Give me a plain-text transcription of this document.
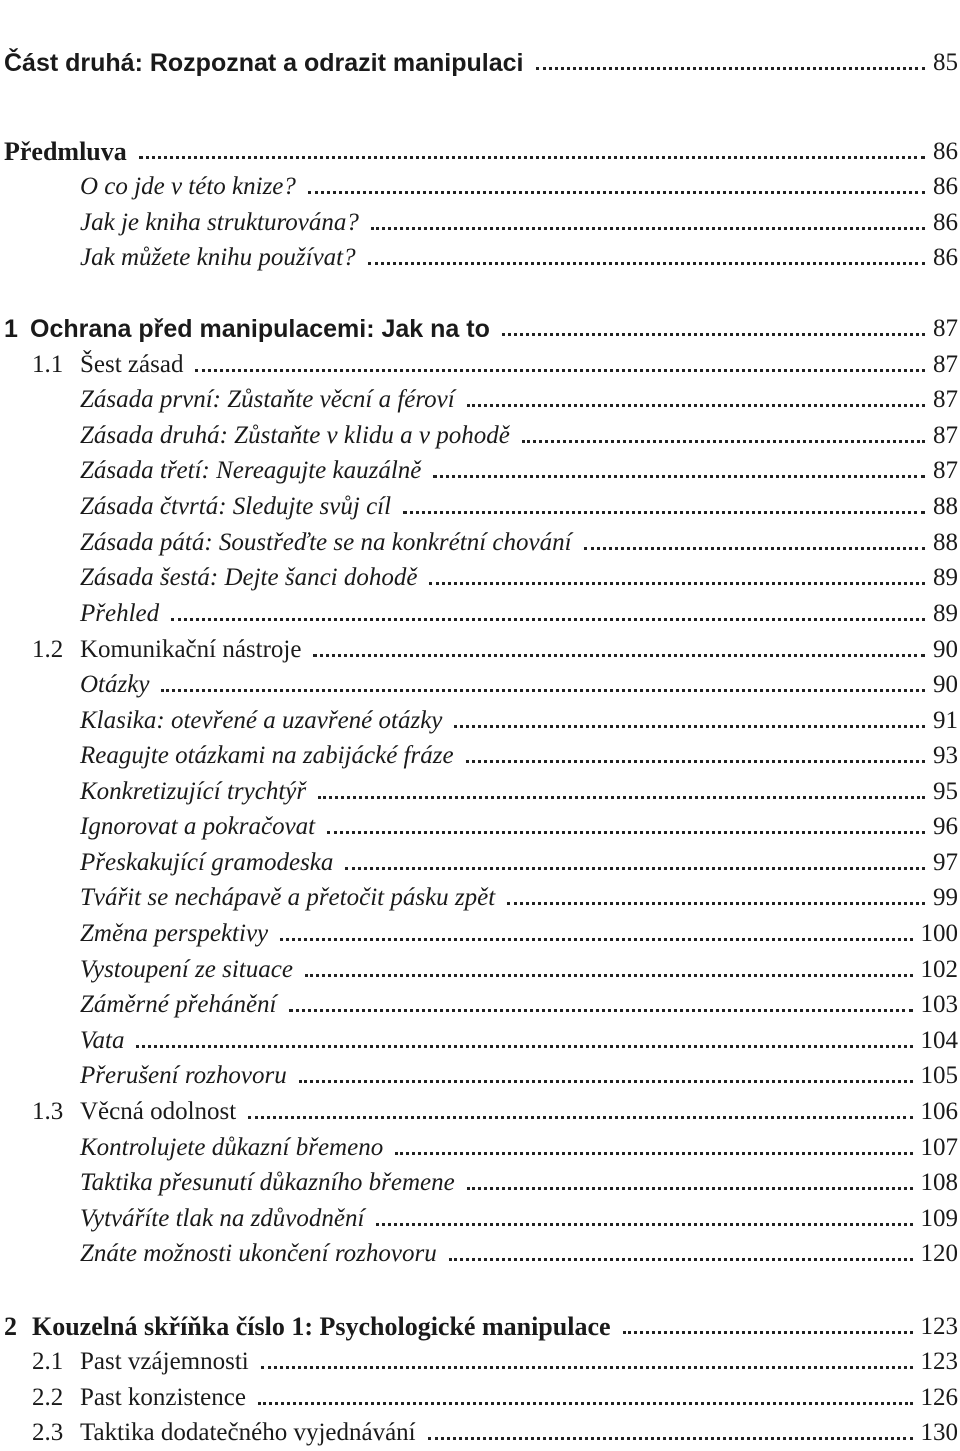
Část druhá: Rozpoznat a odrazit manipulaci	85
Předmluva	86
O co jde v této knize?	86
Jak je kniha strukturována?	86
Jak můžete knihu používat?	86
1 Ochrana před manipulacemi: Jak na to	87
1.1 Šest zásad	87
Zásada první: Zůstaňte věcní a féroví	87
Zásada druhá: Zůstaňte v klidu a v pohodě	87
Zásada třetí: Nereagujte kauzálně	87
Zásada čtvrtá: Sledujte svůj cíl	88
Zásada pátá: Soustřeďte se na konkrétní chování	88
Zásada šestá: Dejte šanci dohodě	89
Přehled	89
1.2 Komunikační nástroje	90
Otázky	90
Klasika: otevřené a uzavřené otázky	91
Reagujte otázkami na zabijácké fráze	93
Konkretizující trychtýř	95
Ignorovat a pokračovat	96
Přeskakující gramodeska	97
Tvářit se nechápavě a přetočit pásku zpět	99
Změna perspektivy	100
Vystoupení ze situace	102
Záměrné přehánění	103
Vata	104
Přerušení rozhovoru	105
1.3 Věcná odolnost	106
Kontrolujete důkazní břemeno	107
Taktika přesunutí důkazního břemene	108
Vytváříte tlak na zdůvodnění	109
Znáte možnosti ukončení rozhovoru	120
2 Kouzelná skříňka číslo 1: Psychologické manipulace	123
2.1 Past vzájemnosti	123
2.2 Past konzistence	126
2.3 Taktika dodatečného vyjednávání	130
